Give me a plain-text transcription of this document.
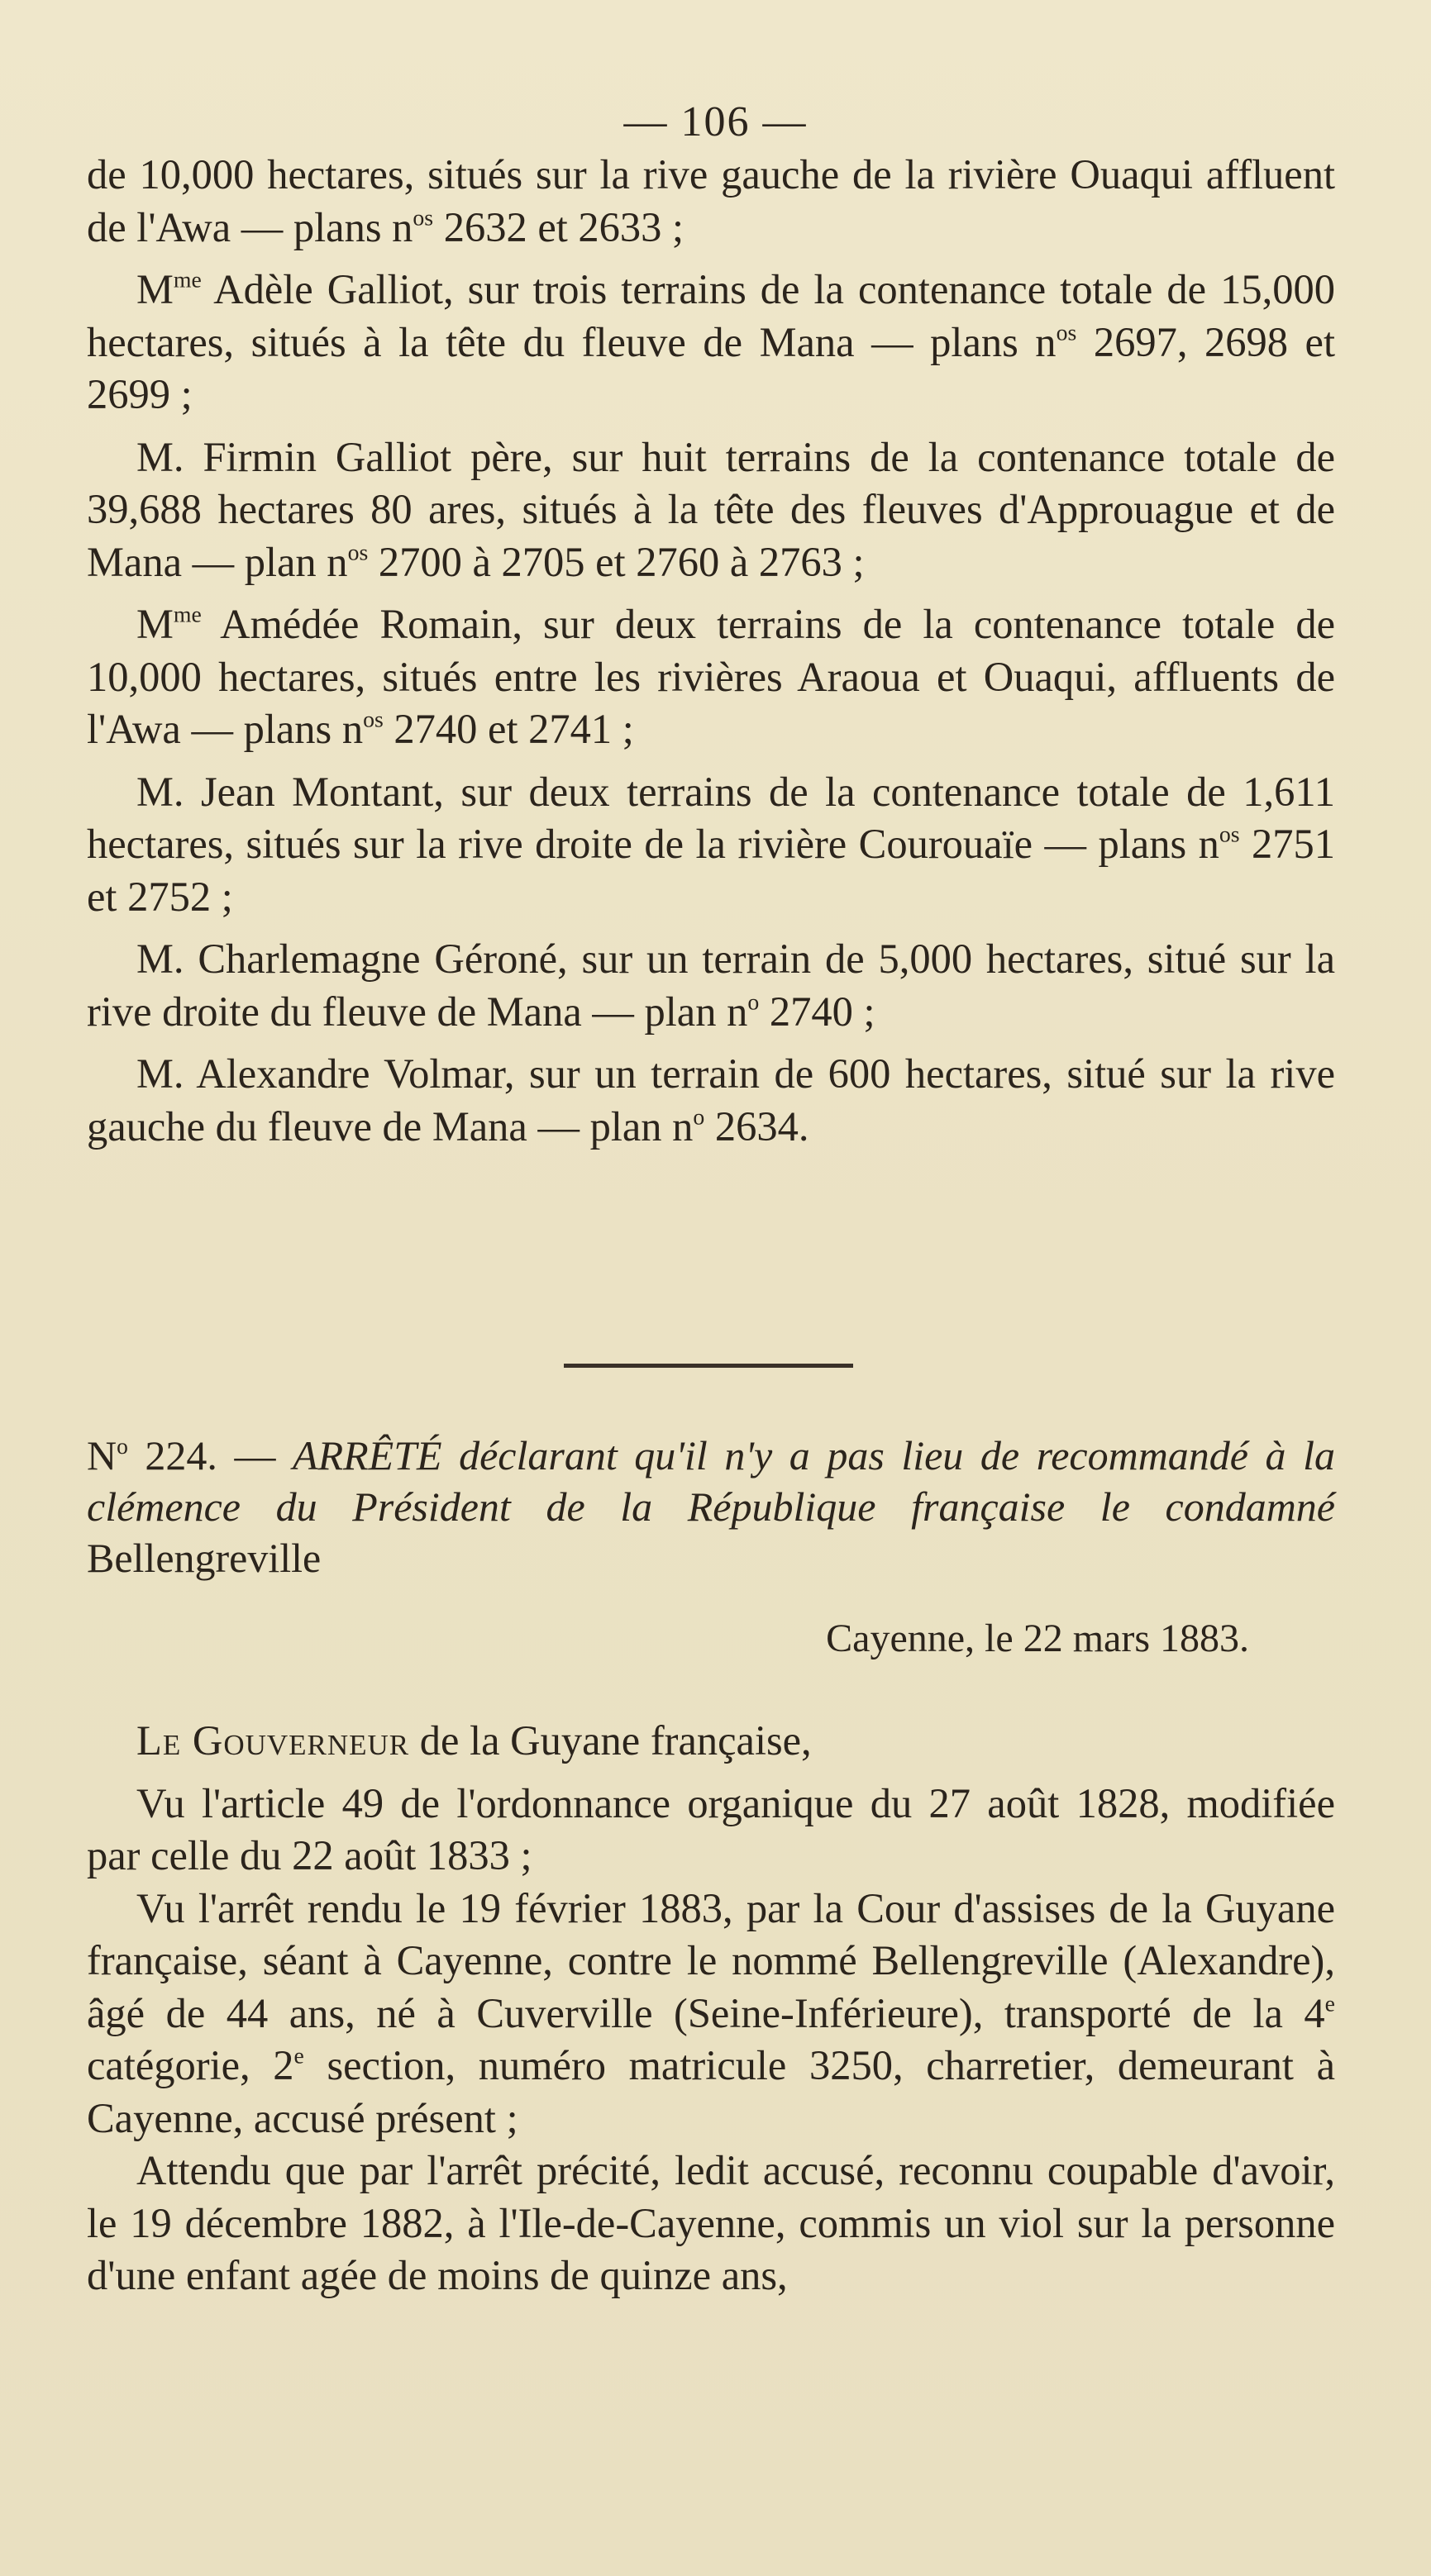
— 106 —

de 10,000 hectares, situés sur la rive gauche de la rivière Ouaqui affluent de l'Awa — plans $n^{os}$ 2632 et 2633 ;

$M^{me}$ Adèle Galliot, sur trois terrains de la contenance totale de 15,000 hectares, situés à la tête du fleuve de Mana — plans $n^{os}$ 2697, 2698 et 2699 ;

M. Firmin Galliot père, sur huit terrains de la contenance totale de 39,688 hectares 80 ares, situés à la tête des fleuves d'Approuague et de Mana — plan $n^{os}$ 2700 à 2705 et 2760 à 2763 ;

$M^{me}$ Amédée Romain, sur deux terrains de la contenance totale de 10,000 hectares, situés entre les rivières Araoua et Ouaqui, affluents de l'Awa — plans $n^{os}$ 2740 et 2741 ;

M. Jean Montant, sur deux terrains de la contenance totale de 1,611 hectares, situés sur la rive droite de la rivière Courouaïe — plans $n^{os}$ 2751 et 2752 ;

M. Charlemagne Géroné, sur un terrain de 5,000 hectares, situé sur la rive droite du fleuve de Mana — plan $n^o$ 2740 ;

M. Alexandre Volmar, sur un terrain de 600 hectares, situé sur la rive gauche du fleuve de Mana — plan $n^o$ 2634.

$N^o$ 224. — ARRÊTÉ déclarant qu'il n'y a pas lieu de recommandé à la clémence du Président de la République française le condamné Bellengreville

Cayenne, le 22 mars 1883.

Le Gouverneur de la Guyane française,

Vu l'article 49 de l'ordonnance organique du 27 août 1828, modifiée par celle du 22 août 1833 ;

Vu l'arrêt rendu le 19 février 1883, par la Cour d'assises de la Guyane française, séant à Cayenne, contre le nommé Bellengreville (Alexandre), âgé de 44 ans, né à Cuverville (Seine-Inférieure), transporté de la 4e catégorie, 2e section, numéro matricule 3250, charretier, demeurant à Cayenne, accusé présent ;

Attendu que par l'arrêt précité, ledit accusé, reconnu coupable d'avoir, le 19 décembre 1882, à l'Ile-de-Cayenne, commis un viol sur la personne d'une enfant agée de moins de quinze ans,
